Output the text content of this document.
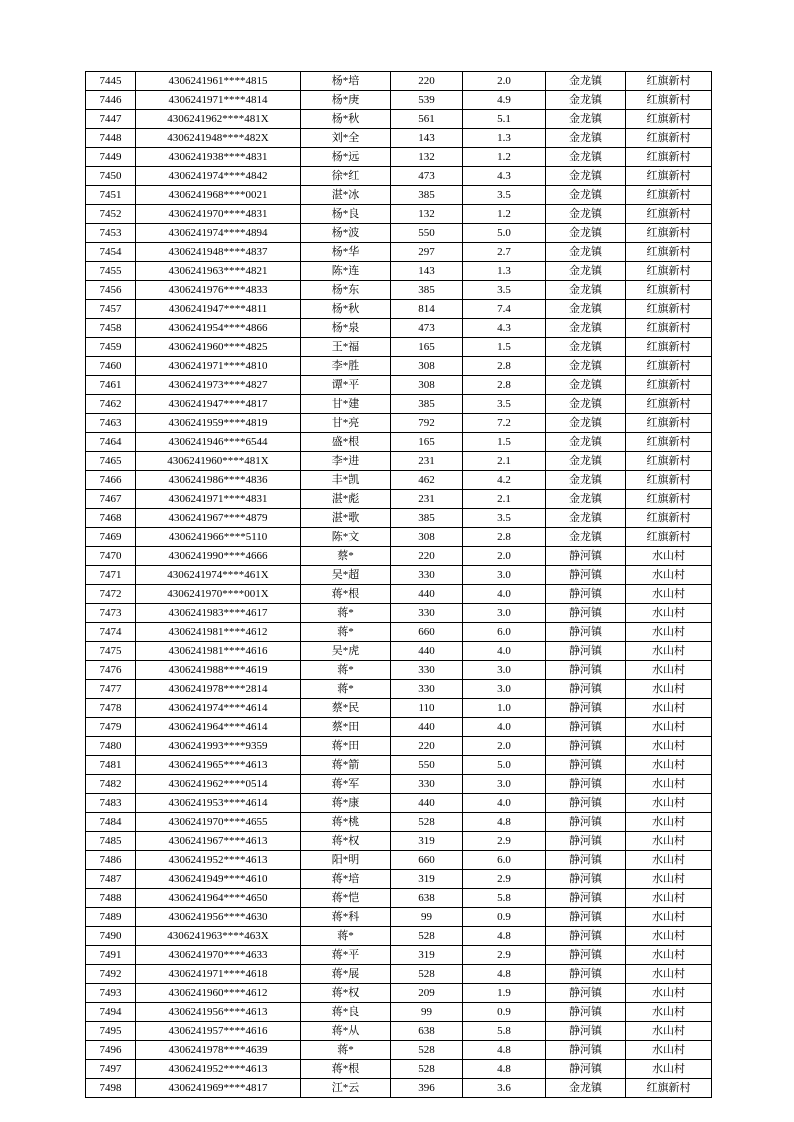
7445	4306241961****4815	杨*培	220	2.0	金龙镇	红旗新村
7446	4306241971****4814	杨*庚	539	4.9	金龙镇	红旗新村
7447	4306241962****481X	杨*秋	561	5.1	金龙镇	红旗新村
7448	4306241948****482X	刘*全	143	1.3	金龙镇	红旗新村
7449	4306241938****4831	杨*远	132	1.2	金龙镇	红旗新村
7450	4306241974****4842	徐*红	473	4.3	金龙镇	红旗新村
7451	4306241968****0021	湛*冰	385	3.5	金龙镇	红旗新村
7452	4306241970****4831	杨*良	132	1.2	金龙镇	红旗新村
7453	4306241974****4894	杨*波	550	5.0	金龙镇	红旗新村
7454	4306241948****4837	杨*华	297	2.7	金龙镇	红旗新村
7455	4306241963****4821	陈*连	143	1.3	金龙镇	红旗新村
7456	4306241976****4833	杨*东	385	3.5	金龙镇	红旗新村
7457	4306241947****4811	杨*秋	814	7.4	金龙镇	红旗新村
7458	4306241954****4866	杨*泉	473	4.3	金龙镇	红旗新村
7459	4306241960****4825	王*福	165	1.5	金龙镇	红旗新村
7460	4306241971****4810	李*胜	308	2.8	金龙镇	红旗新村
7461	4306241973****4827	谭*平	308	2.8	金龙镇	红旗新村
7462	4306241947****4817	甘*建	385	3.5	金龙镇	红旗新村
7463	4306241959****4819	甘*亮	792	7.2	金龙镇	红旗新村
7464	4306241946****6544	盛*根	165	1.5	金龙镇	红旗新村
7465	4306241960****481X	李*进	231	2.1	金龙镇	红旗新村
7466	4306241986****4836	丰*凯	462	4.2	金龙镇	红旗新村
7467	4306241971****4831	湛*彪	231	2.1	金龙镇	红旗新村
7468	4306241967****4879	湛*歌	385	3.5	金龙镇	红旗新村
7469	4306241966****5110	陈*文	308	2.8	金龙镇	红旗新村
7470	4306241990****4666	蔡*	220	2.0	静河镇	水山村
7471	4306241974****461X	吴*超	330	3.0	静河镇	水山村
7472	4306241970****001X	蒋*根	440	4.0	静河镇	水山村
7473	4306241983****4617	蒋*	330	3.0	静河镇	水山村
7474	4306241981****4612	蒋*	660	6.0	静河镇	水山村
7475	4306241981****4616	吴*虎	440	4.0	静河镇	水山村
7476	4306241988****4619	蒋*	330	3.0	静河镇	水山村
7477	4306241978****2814	蒋*	330	3.0	静河镇	水山村
7478	4306241974****4614	蔡*民	110	1.0	静河镇	水山村
7479	4306241964****4614	蔡*田	440	4.0	静河镇	水山村
7480	4306241993****9359	蒋*田	220	2.0	静河镇	水山村
7481	4306241965****4613	蒋*箭	550	5.0	静河镇	水山村
7482	4306241962****0514	蒋*军	330	3.0	静河镇	水山村
7483	4306241953****4614	蒋*康	440	4.0	静河镇	水山村
7484	4306241970****4655	蒋*桃	528	4.8	静河镇	水山村
7485	4306241967****4613	蒋*权	319	2.9	静河镇	水山村
7486	4306241952****4613	阳*明	660	6.0	静河镇	水山村
7487	4306241949****4610	蒋*培	319	2.9	静河镇	水山村
7488	4306241964****4650	蒋*恺	638	5.8	静河镇	水山村
7489	4306241956****4630	蒋*科	99	0.9	静河镇	水山村
7490	4306241963****463X	蒋*	528	4.8	静河镇	水山村
7491	4306241970****4633	蒋*平	319	2.9	静河镇	水山村
7492	4306241971****4618	蒋*展	528	4.8	静河镇	水山村
7493	4306241960****4612	蒋*权	209	1.9	静河镇	水山村
7494	4306241956****4613	蒋*良	99	0.9	静河镇	水山村
7495	4306241957****4616	蒋*从	638	5.8	静河镇	水山村
7496	4306241978****4639	蒋*	528	4.8	静河镇	水山村
7497	4306241952****4613	蒋*根	528	4.8	静河镇	水山村
7498	4306241969****4817	江*云	396	3.6	金龙镇	红旗新村
